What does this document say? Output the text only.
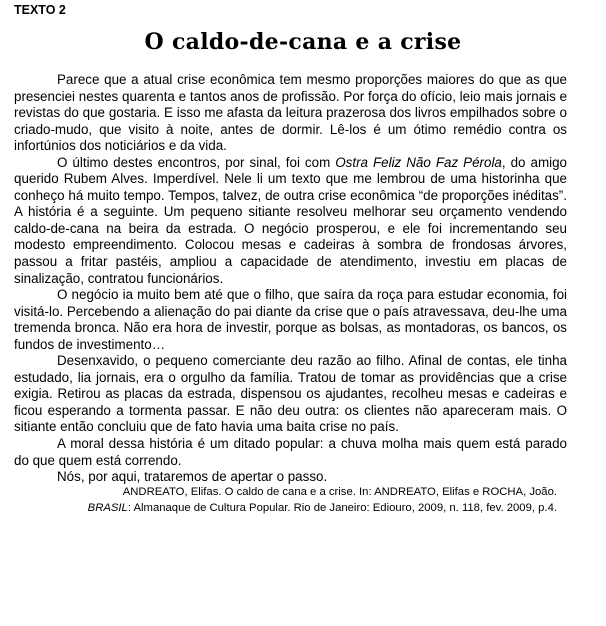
TEXTO 2
O caldo-de-cana e a crise

Parece que a atual crise econômica tem mesmo proporções maiores do que as que presenciei nestes quarenta e tantos anos de profissão. Por força do ofício, leio mais jornais e revistas do que gostaria. E isso me afasta da leitura prazerosa dos livros empilhados sobre o criado-mudo, que visito à noite, antes de dormir. Lê-los é um ótimo remédio contra os infortúnios dos noticiários e da vida.

O último destes encontros, por sinal, foi com Ostra Feliz Não Faz Pérola, do amigo querido Rubem Alves. Imperdível. Nele li um texto que me lembrou de uma historinha que conheço há muito tempo. Tempos, talvez, de outra crise econômica “de proporções inéditas”. A história é a seguinte. Um pequeno sitiante resolveu melhorar seu orçamento vendendo caldo-de-cana na beira da estrada. O negócio prosperou, e ele foi incrementando seu modesto empreendimento. Colocou mesas e cadeiras à sombra de frondosas árvores, passou a fritar pastéis, ampliou a capacidade de atendimento, investiu em placas de sinalização, contratou funcionários.

O negócio ia muito bem até que o filho, que saíra da roça para estudar economia, foi visitá-lo. Percebendo a alienação do pai diante da crise que o país atravessava, deu-lhe uma tremenda bronca. Não era hora de investir, porque as bolsas, as montadoras, os bancos, os fundos de investimento…

Desenxavido, o pequeno comerciante deu razão ao filho. Afinal de contas, ele tinha estudado, lia jornais, era o orgulho da família. Tratou de tomar as providências que a crise exigia. Retirou as placas da estrada, dispensou os ajudantes, recolheu mesas e cadeiras e ficou esperando a tormenta passar. E não deu outra: os clientes não apareceram mais. O sitiante então concluiu que de fato havia uma baita crise no país.

A moral dessa história é um ditado popular: a chuva molha mais quem está parado do que quem está correndo.

Nós, por aqui, trataremos de apertar o passo.

ANDREATO, Elifas. O caldo de cana e a crise. In: ANDREATO, Elifas e ROCHA, João.

BRASIL: Almanaque de Cultura Popular. Rio de Janeiro: Ediouro, 2009, n. 118, fev. 2009, p.4.
